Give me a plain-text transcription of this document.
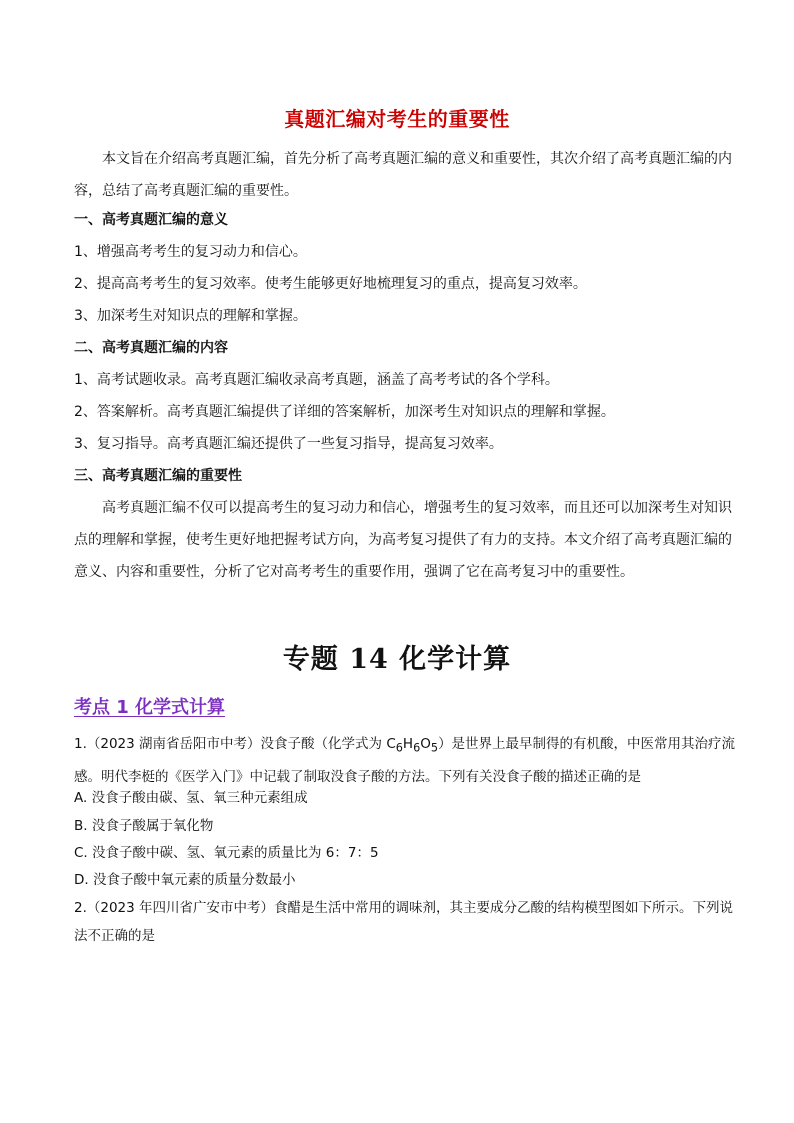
真题汇编对考生的重要性

本文旨在介绍高考真题汇编，首先分析了高考真题汇编的意义和重要性，其次介绍了高考真题汇编的内容，总结了高考真题汇编的重要性。

一、高考真题汇编的意义
1、增强高考考生的复习动力和信心。
2、提高高考考生的复习效率。使考生能够更好地梳理复习的重点，提高复习效率。
3、加深考生对知识点的理解和掌握。
二、高考真题汇编的内容
1、高考试题收录。高考真题汇编收录高考真题，涵盖了高考考试的各个学科。
2、答案解析。高考真题汇编提供了详细的答案解析，加深考生对知识点的理解和掌握。
3、复习指导。高考真题汇编还提供了一些复习指导，提高复习效率。
三、高考真题汇编的重要性

高考真题汇编不仅可以提高考生的复习动力和信心，增强考生的复习效率，而且还可以加深考生对知识点的理解和掌握，使考生更好地把握考试方向，为高考复习提供了有力的支持。本文介绍了高考真题汇编的意义、内容和重要性，分析了它对高考考生的重要作用，强调了它在高考复习中的重要性。

专题 14 化学计算
考点 1 化学式计算

1.（2023 湖南省岳阳市中考）没食子酸（化学式为 $C_6H_6O_5$）是世界上最早制得的有机酸，中医常用其治疗流感。明代李梃的《医学入门》中记载了制取没食子酸的方法。下列有关没食子酸的描述正确的是

A. 没食子酸由碳、氢、氧三种元素组成
B. 没食子酸属于氧化物
C. 没食子酸中碳、氢、氧元素的质量比为 6：7：5
D. 没食子酸中氧元素的质量分数最小

2.（2023 年四川省广安市中考）食醋是生活中常用的调味剂，其主要成分乙酸的结构模型图如下所示。下列说法不正确的是
